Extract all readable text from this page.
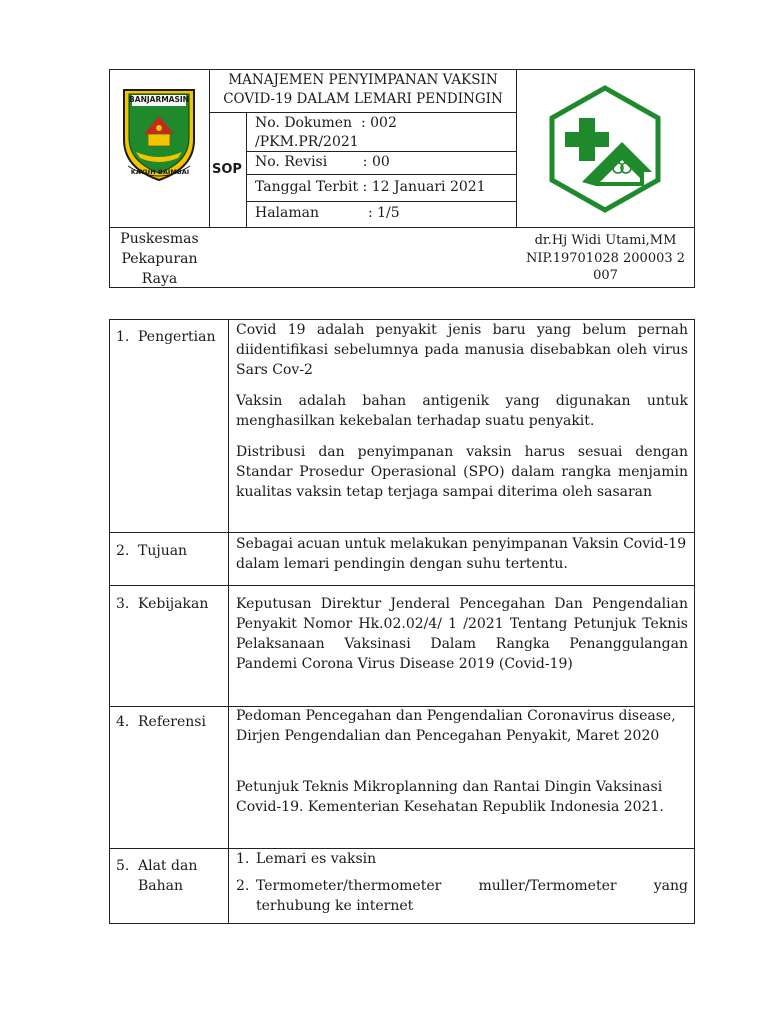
BANJARMASIN
KAYUH BAIMBAI
MANAJEMEN PENYIMPANAN VAKSIN
COVID-19 DALAM LEMARI PENDINGIN
SOP
No. Dokumen  : 002
/PKM.PR/2021
No. Revisi        : 00
Tanggal Terbit : 12 Januari 2021
Halaman           : 1/5
Puskesmas
Pekapuran
Raya
dr.Hj Widi Utami,MM
NIP.19701028 200003 2
007
1. Pengertian Covid 19 adalah penyakit jenis baru yang belum pernah diidentifikasi sebelumnya pada manusia disebabkan oleh virus Sars Cov-2
Vaksin adalah bahan antigenik yang digunakan untuk menghasilkan kekebalan terhadap suatu penyakit.
Distribusi dan penyimpanan vaksin harus sesuai dengan Standar Prosedur Operasional (SPO) dalam rangka menjamin kualitas vaksin tetap terjaga sampai diterima oleh sasaran
2. Tujuan	Sebagai acuan untuk melakukan penyimpanan Vaksin Covid-19 dalam lemari pendingin dengan suhu tertentu.
3. Kebijakan Keputusan Direktur Jenderal Pencegahan Dan Pengendalian Penyakit Nomor Hk.02.02/4/ 1 /2021 Tentang Petunjuk Teknis Pelaksanaan Vaksinasi Dalam Rangka Penanggulangan Pandemi Corona Virus Disease 2019 (Covid-19)
4. Referensi Pedoman Pencegahan dan Pengendalian Coronavirus disease, Dirjen Pengendalian dan Pencegahan Penyakit, Maret 2020
Petunjuk Teknis Mikroplanning dan Rantai Dingin Vaksinasi Covid-19. Kementerian Kesehatan Republik Indonesia 2021.
5. Alat dan
Bahan
1. Lemari es vaksin
2. Termometer/thermometer muller/Termometer yang terhubung ke internet
